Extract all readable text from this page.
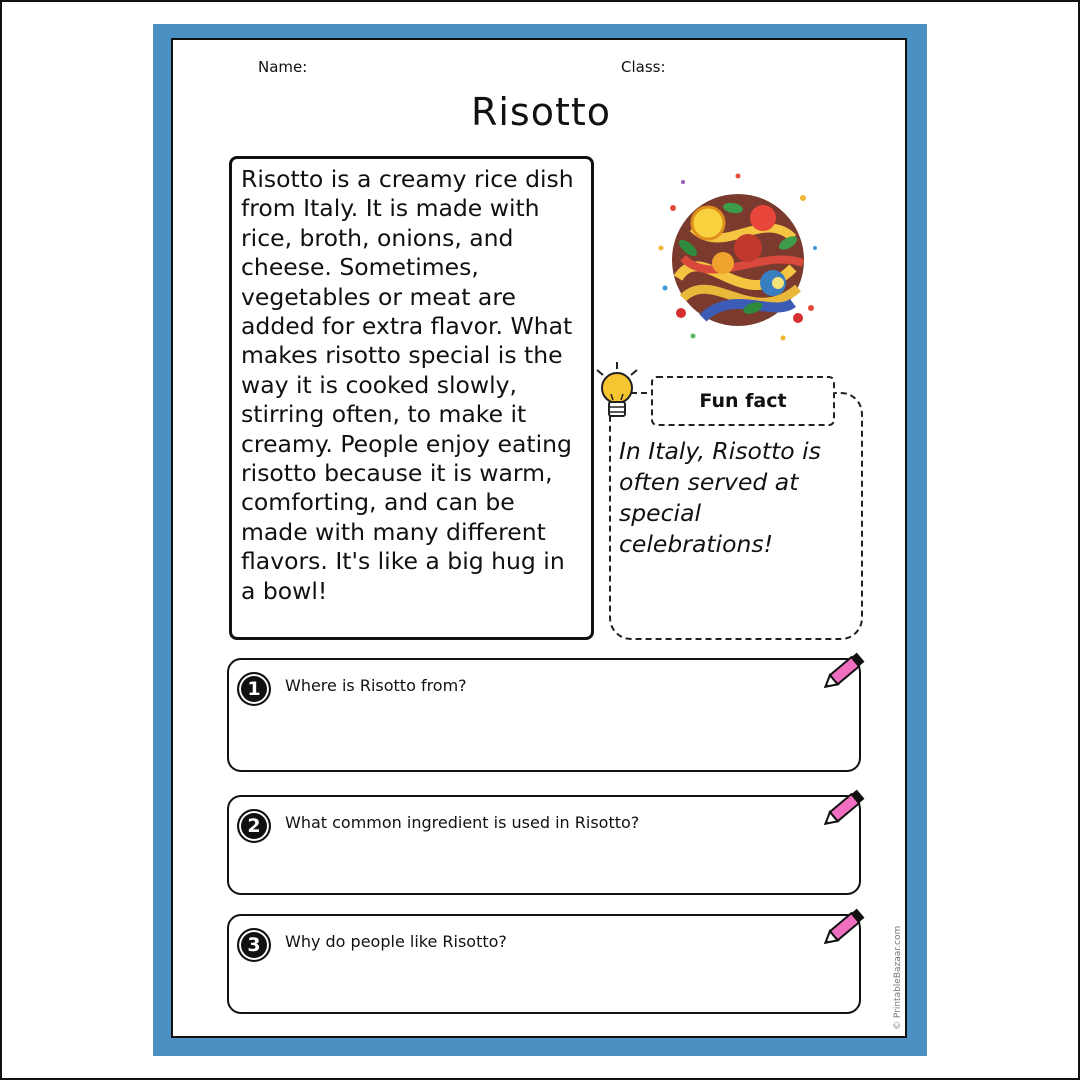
Name:	Class:
Risotto
Risotto is a creamy rice dish from Italy. It is made with rice, broth, onions, and cheese. Sometimes, vegetables or meat are added for extra flavor. What makes risotto special is the way it is cooked slowly, stirring often, to make it creamy. People enjoy eating risotto because it is warm, comforting, and can be made with many different flavors. It's like a big hug in a bowl!
Fun fact
In Italy, Risotto is often served at special celebrations!
1	Where is Risotto from?
2	What common ingredient is used in Risotto?
3	Why do people like Risotto?	© PrintableBazaar.com
